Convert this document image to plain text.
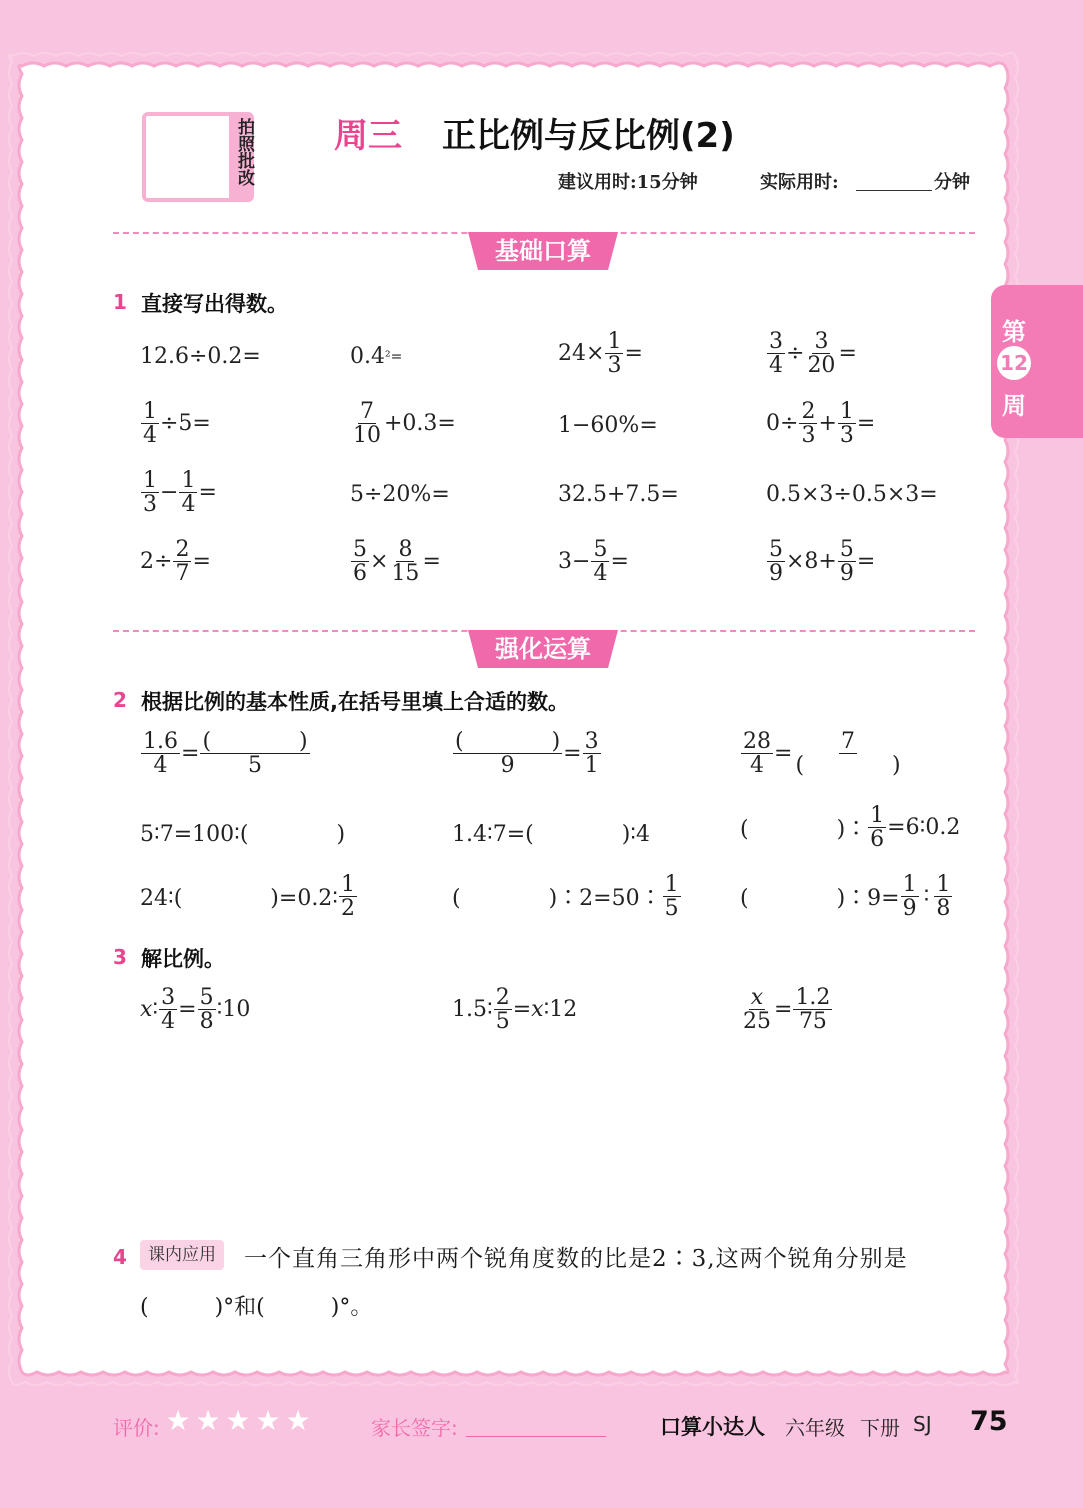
拍照批改 周三 正比例与反比例(2)
建议用时:15分钟	实际用时:	分钟
第
12
周
基础口算
1 直接写出得数。
12.6÷0.2=	0.4 ²=	$24\times \frac{1}{3}$ =	$\frac{3}{4} \div \frac{3}{20}$ =
$\frac{1}{4} \div 5=$	$\frac{7}{10} +0.3=$	1−60%=	$0\div \frac{2}{3} + \frac{1}{3}$ =
$\frac{1}{3} - \frac{1}{4}$ =	5÷20%=	32.5+7.5=	0.5×3÷0.5×3=
$2\div \frac{2}{7}$ =	$\frac{5}{6} \times \frac{8}{15}$ =	$3- \frac{5}{4}$ =	$\frac{5}{9} \times 8+ \frac{5}{9}$ =
强化运算
2 根据比例的基本性质,在括号里填上合适的数。
$\frac{1.6}{4} = \frac{( )}{5}$	$\frac{( )}{9} = \frac{3}{1}$	$\frac{28}{4} = \frac{7}{( )}$
5∶7=100∶(　　　　)	1.4∶7=(　　　　)∶4	(　　　　)∶ $\frac{1}{6}$ =6∶0.2
24∶(　　　　)=0.2∶ $\frac{1}{2}$	(　　　　)∶2=50∶ $\frac{1}{5}$	(　　　　)∶9= $\frac{1}{9}$ ∶ $\frac{1}{8}$
3 解比例。
x ∶ $\frac{3}{4} = \frac{5}{8}$ ∶10	1.5∶ $\frac{2}{5} = x$ ∶12	$\frac{x}{25} = \frac{1.2}{75}$
4	课内应用	一个直角三角形中两个锐角度数的比是2∶3,这两个锐角分别是
(　　　)°和(　　　)°。
评价: ★ ★ ★ ★ ★	家长签字:	口算小达人 六年级 下册 SJ 75
